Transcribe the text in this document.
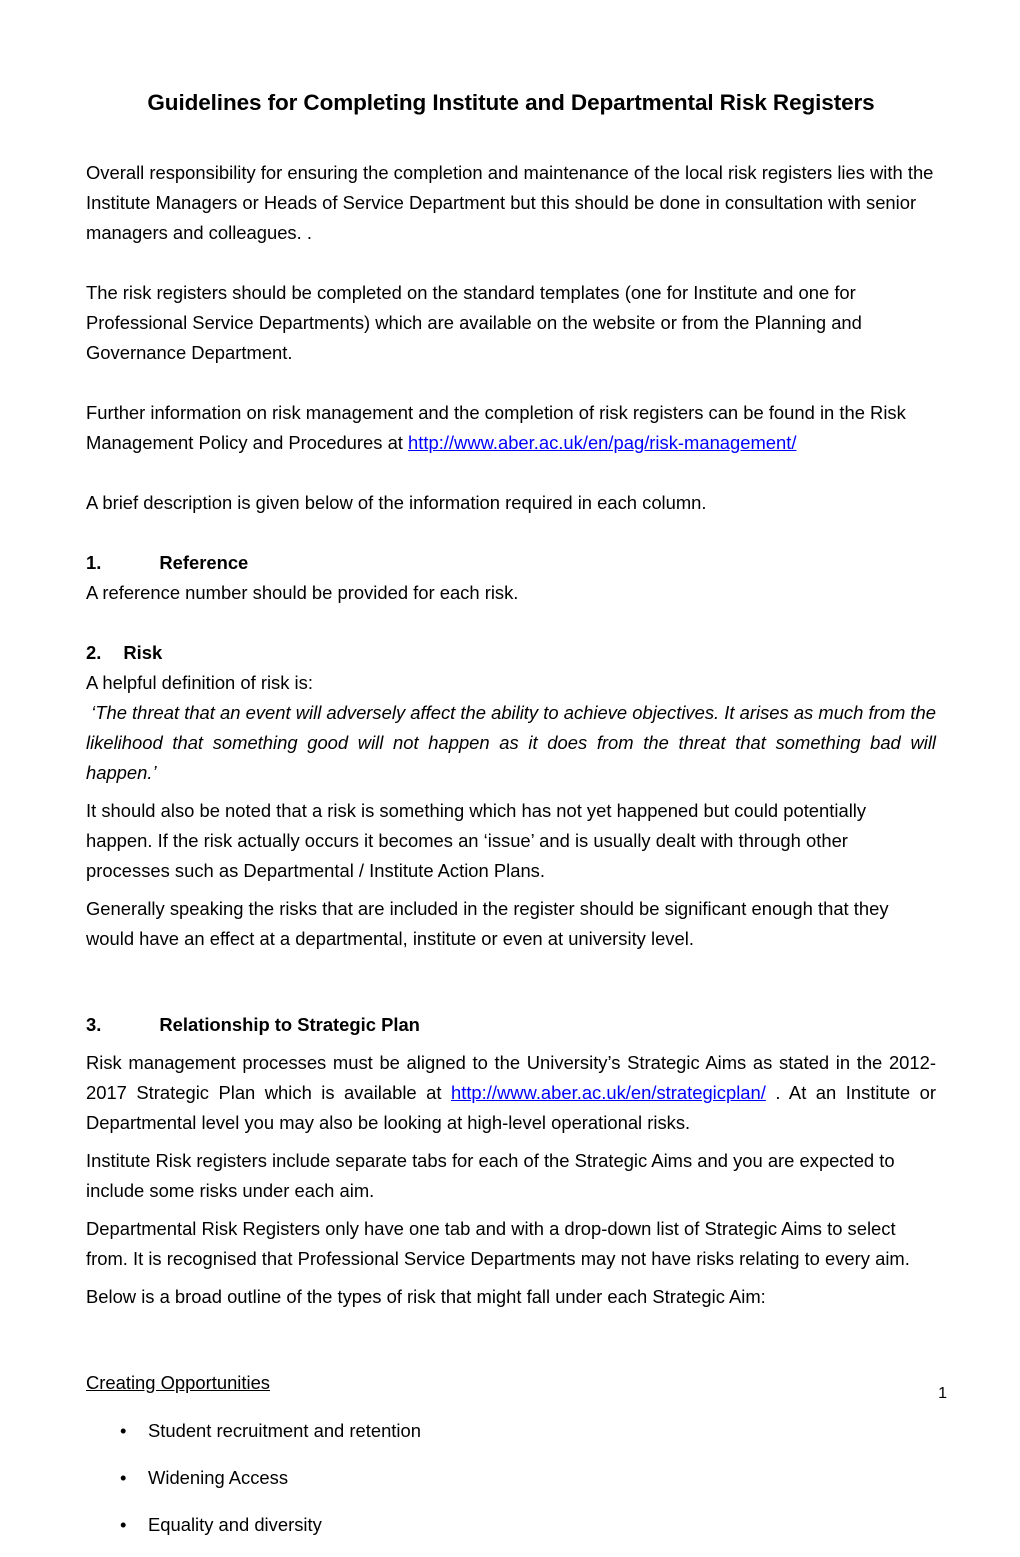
Guidelines for Completing Institute and Departmental Risk Registers

Overall responsibility for ensuring the completion and maintenance of the local risk registers lies with the Institute Managers or Heads of Service Department but this should be done in consultation with senior managers and colleagues. .

The risk registers should be completed on the standard templates (one for Institute and one for Professional Service Departments) which are available on the website or from the Planning and Governance Department.

Further information on risk management and the completion of risk registers can be found in the Risk Management Policy and Procedures at http://www.aber.ac.uk/en/pag/risk-management/

A brief description is given below of the information required in each column.

1.	Reference

A reference number should be provided for each risk.

2. Risk

A helpful definition of risk is:

‘The threat that an event will adversely affect the ability to achieve objectives. It arises as much from the likelihood that something good will not happen as it does from the threat that something bad will happen.’

It should also be noted that a risk is something which has not yet happened but could potentially happen. If the risk actually occurs it becomes an ‘issue’ and is usually dealt with through other processes such as Departmental / Institute Action Plans.

Generally speaking the risks that are included in the register should be significant enough that they would have an effect at a departmental, institute or even at university level.

3.	Relationship to Strategic Plan

Risk management processes must be aligned to the University’s Strategic Aims as stated in the 2012-2017 Strategic Plan which is available at http://www.aber.ac.uk/en/strategicplan/ . At an Institute or Departmental level you may also be looking at high-level operational risks.

Institute Risk registers include separate tabs for each of the Strategic Aims and you are expected to include some risks under each aim.

Departmental Risk Registers only have one tab and with a drop-down list of Strategic Aims to select from. It is recognised that Professional Service Departments may not have risks relating to every aim.

Below is a broad outline of the types of risk that might fall under each Strategic Aim:

Creating Opportunities

• Student recruitment and retention
• Widening Access
• Equality and diversity
1
